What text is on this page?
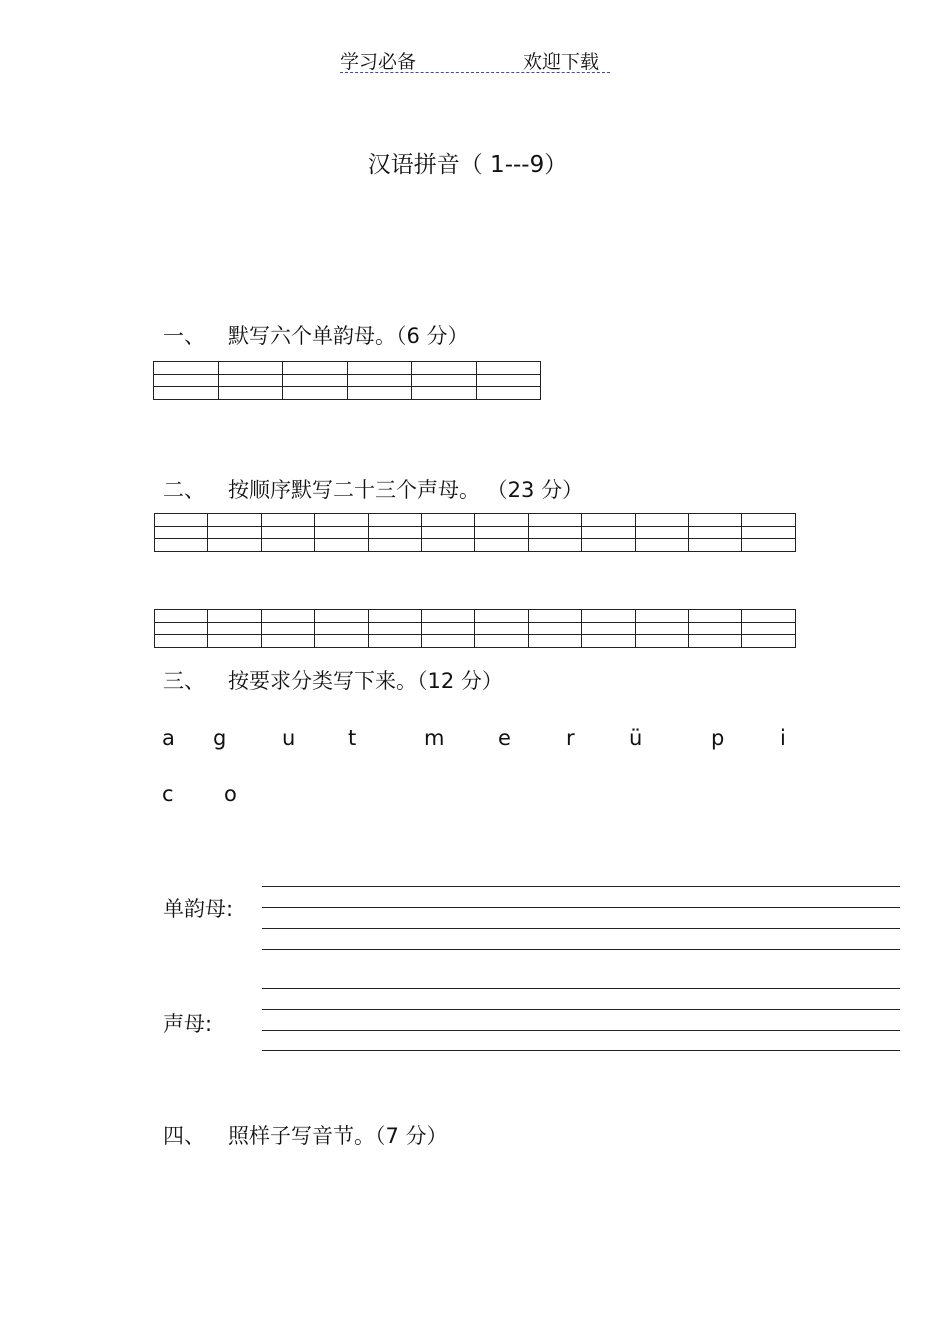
学习必备	欢迎下载
汉语拼音（ 1---9）
一、 默写六个单韵母。（6 分）

二、 按顺序默写二十三个声母。 （23 分）

三、 按要求分类写下来。（12 分）
a g	u	t	m	e	r	ü	p	i
c o
单韵母:
声母:
四、 照样子写音节。（7 分）
